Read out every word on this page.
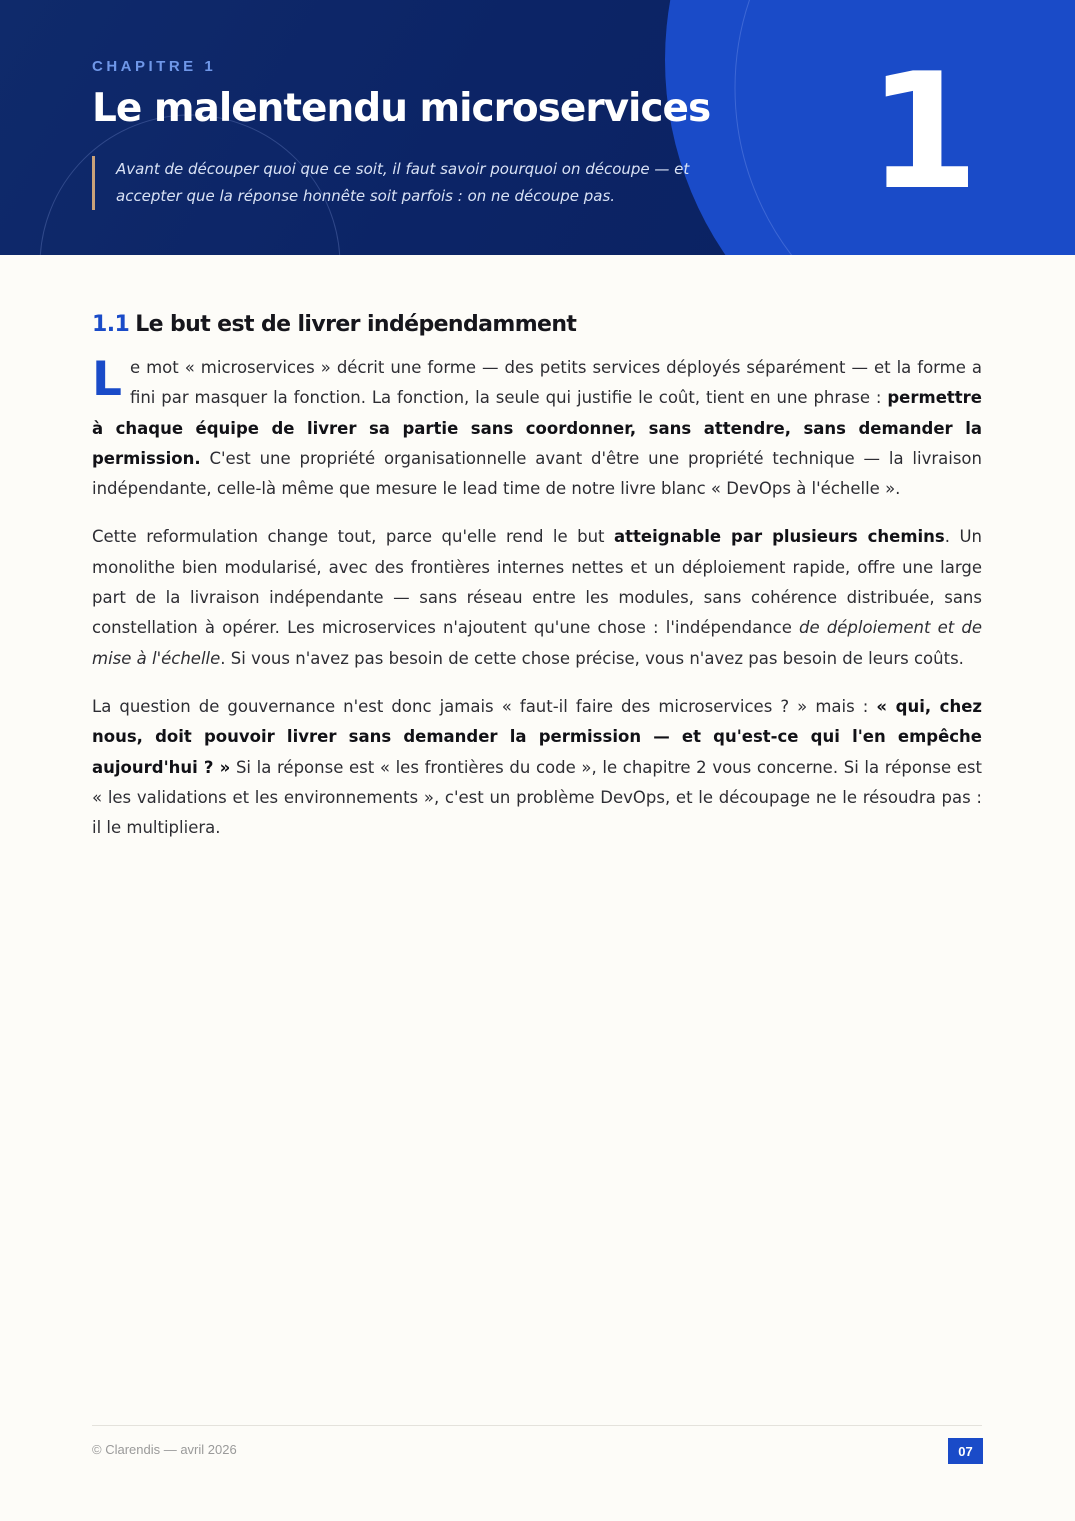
CHAPITRE 1
Le malentendu microservices
Avant de découper quoi que ce soit, il faut savoir pourquoi on découpe — et accepter que la réponse honnête soit parfois : on ne découpe pas.	1
1.1 Le but est de livrer indépendamment

Le mot « microservices » décrit une forme — des petits services déployés séparément — et la forme a fini par masquer la fonction. La fonction, la seule qui justifie le coût, tient en une phrase : permettre à chaque équipe de livrer sa partie sans coordonner, sans attendre, sans demander la permission. C'est une propriété organisationnelle avant d'être une propriété technique — la livraison indépendante, celle-là même que mesure le lead time de notre livre blanc « DevOps à l'échelle ».

Cette reformulation change tout, parce qu'elle rend le but atteignable par plusieurs chemins. Un monolithe bien modularisé, avec des frontières internes nettes et un déploiement rapide, offre une large part de la livraison indépendante — sans réseau entre les modules, sans cohérence distribuée, sans constellation à opérer. Les microservices n'ajoutent qu'une chose : l'indépendance de déploiement et de mise à l'échelle. Si vous n'avez pas besoin de cette chose précise, vous n'avez pas besoin de leurs coûts.

La question de gouvernance n'est donc jamais « faut-il faire des microservices ? » mais : « qui, chez nous, doit pouvoir livrer sans demander la permission — et qu'est-ce qui l'en empêche aujourd'hui ? » Si la réponse est « les frontières du code », le chapitre 2 vous concerne. Si la réponse est « les validations et les environnements », c'est un problème DevOps, et le découpage ne le résoudra pas : il le multipliera.

© Clarendis — avril 2026	07
